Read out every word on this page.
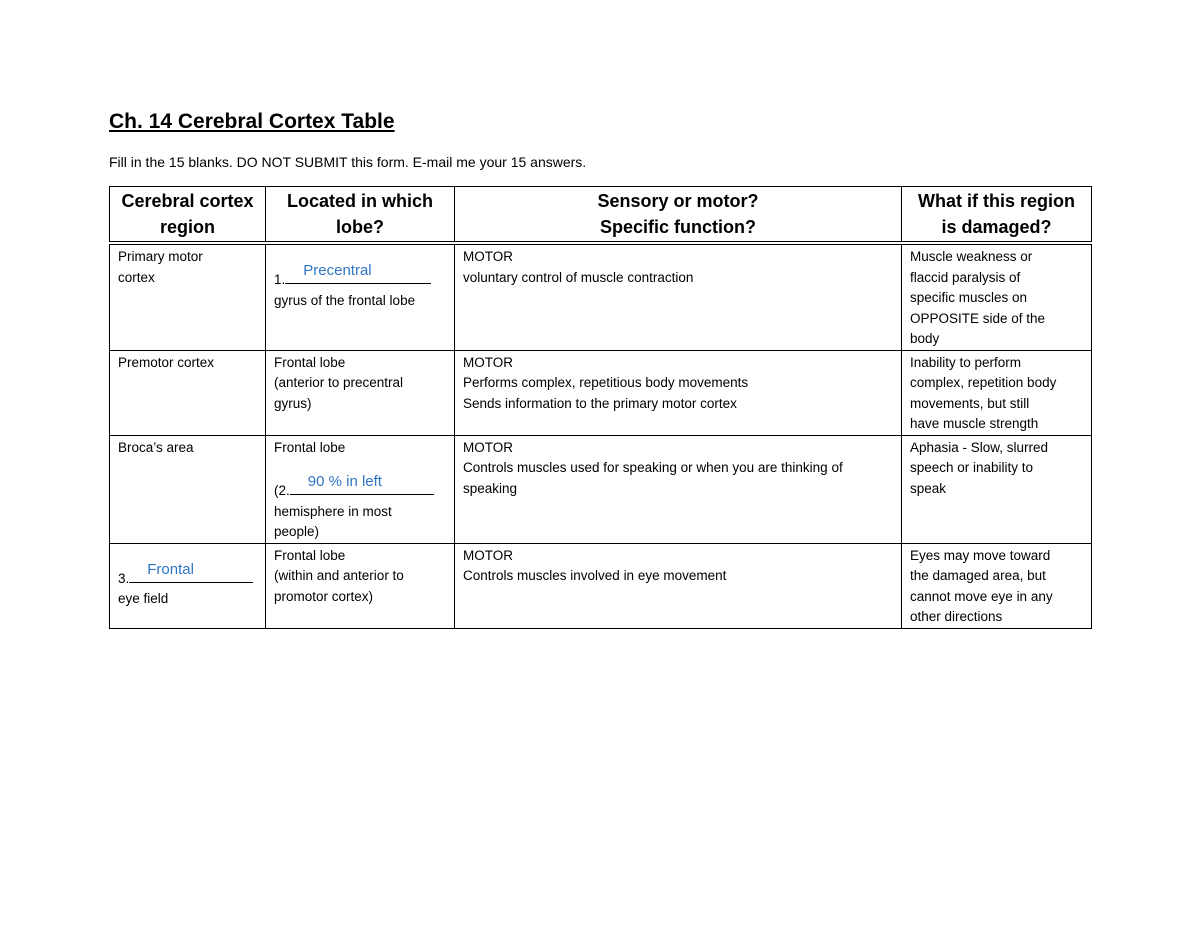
Ch. 14 Cerebral Cortex Table
Fill in the 15 blanks. DO NOT SUBMIT this form. E-mail me your 15 answers.
Cerebral cortex
region	Located in which
lobe?	Sensory or motor?
Specific function?	What if this region
is damaged?

Primary motor
cortex	1.
Precentral
gyrus of the frontal lobe	MOTOR
voluntary control of muscle contraction	Muscle weakness or
flaccid paralysis of
specific muscles on
OPPOSITE side of the
body

Premotor cortex	Frontal lobe
(anterior to precentral
gyrus)	MOTOR
Performs complex, repetitious body movements
Sends information to the primary motor cortex	Inability to perform
complex, repetition body
movements, but still
have muscle strength

Broca’s area	Frontal lobe
(2.
90 % in left
hemisphere in most
people)	MOTOR
Controls muscles used for speaking or when you are thinking of
speaking	Aphasia - Slow, slurred
speech or inability to
speak

3.
Frontal
eye field	Frontal lobe
(within and anterior to
promotor cortex)	MOTOR
Controls muscles involved in eye movement	Eyes may move toward
the damaged area, but
cannot move eye in any
other directions
